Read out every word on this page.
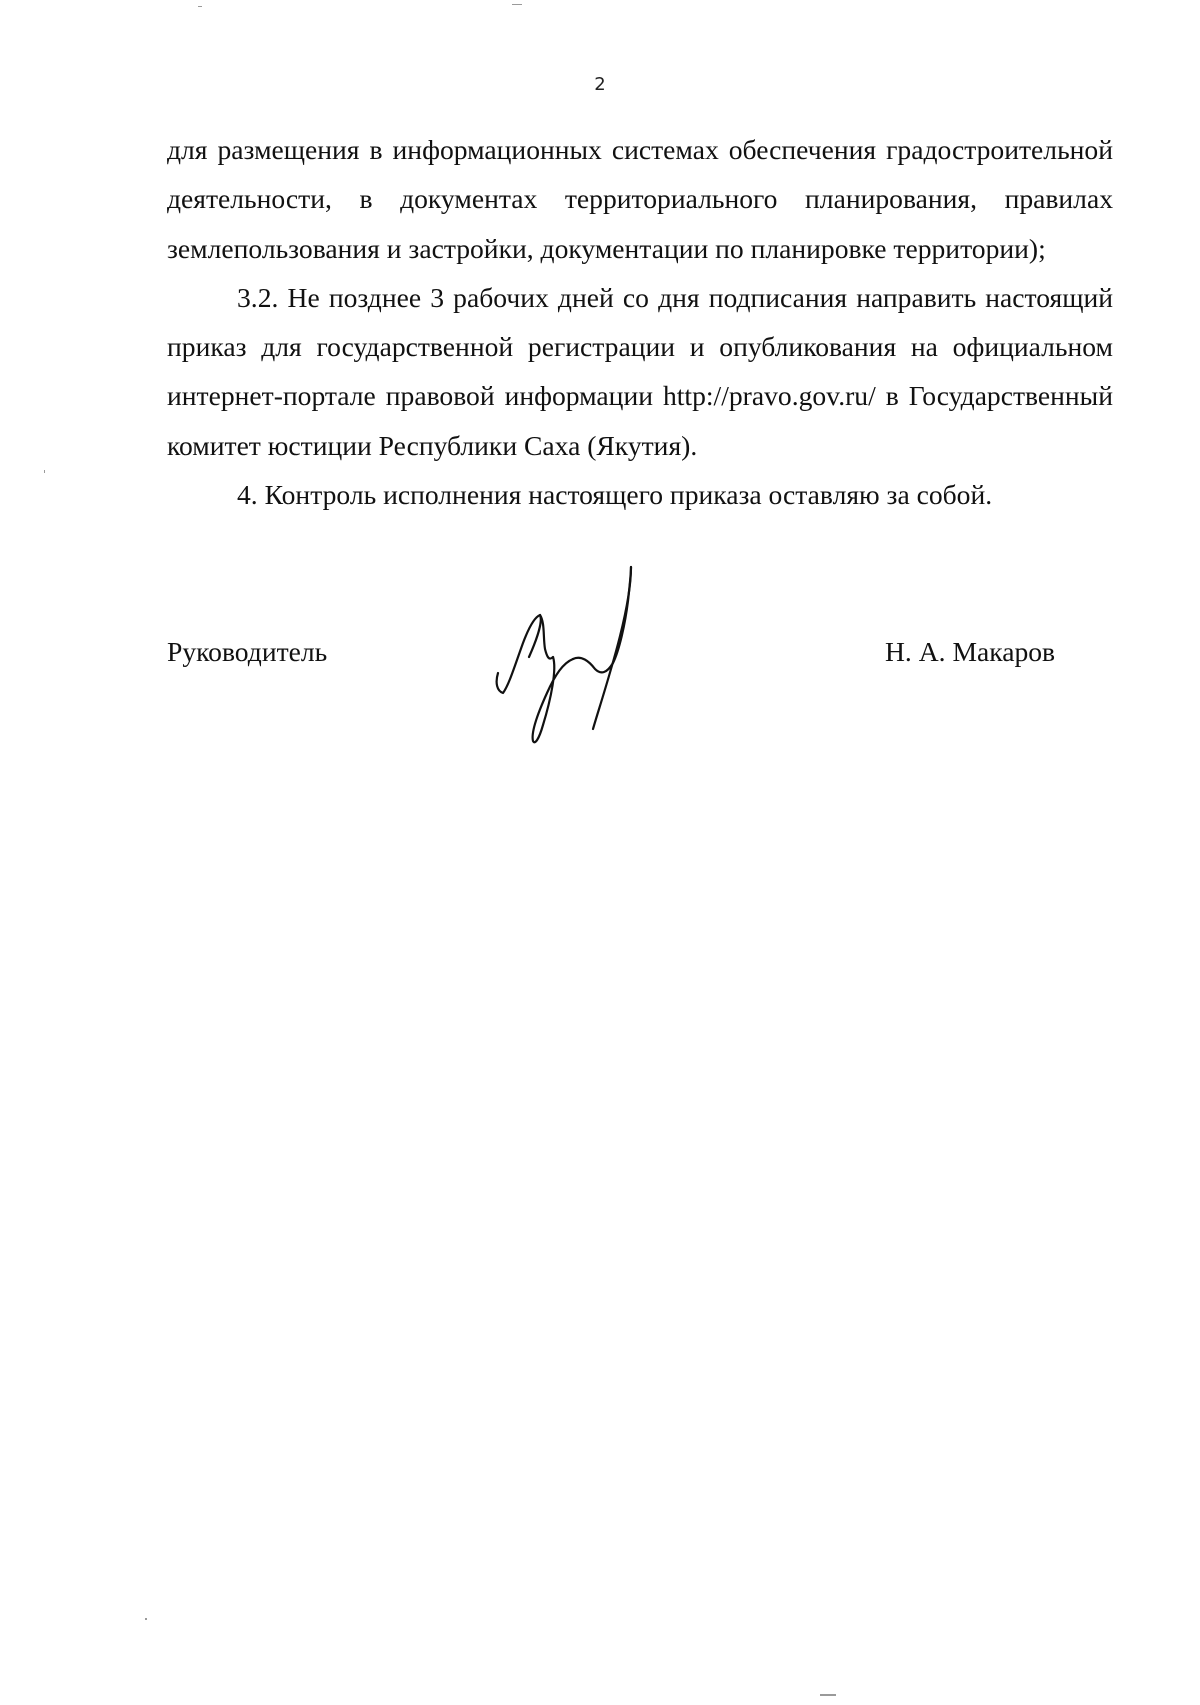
2

для размещения в информационных системах обеспечения градостроительной деятельности, в документах территориального планирования, правилах землепользования и застройки, документации по планировке территории);

3.2. Не позднее 3 рабочих дней со дня подписания направить настоящий приказ для государственной регистрации и опубликования на официальном интернет-портале правовой информации http://pravo.gov.ru/ в Государственный комитет юстиции Республики Саха (Якутия).

4. Контроль исполнения настоящего приказа оставляю за собой.

Руководитель	Н. А. Макаров
